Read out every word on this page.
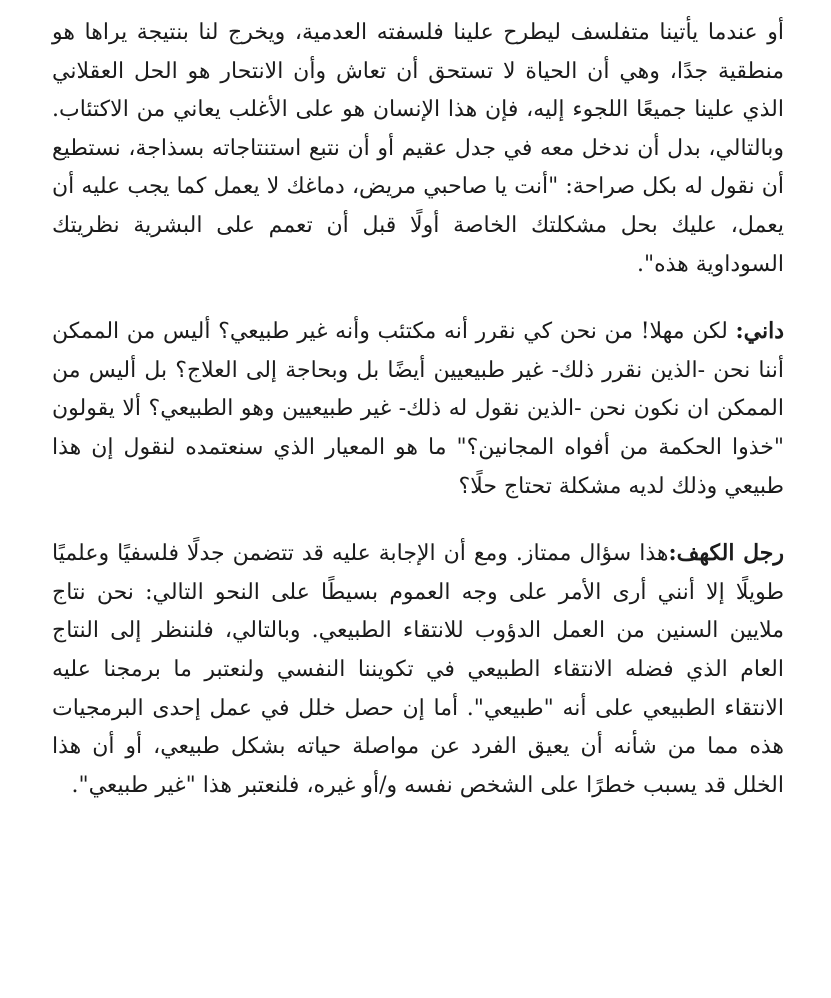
أو عندما يأتينا متفلسف ليطرح علينا فلسفته العدمية، ويخرج لنا بنتيجة يراها هو منطقية جدًا، وهي أن الحياة لا تستحق أن تعاش وأن الانتحار هو الحل العقلاني الذي علينا جميعًا اللجوء إليه، فإن هذا الإنسان هو على الأغلب يعاني من الاكتئاب. وبالتالي، بدل أن ندخل معه في جدل عقيم أو أن نتبع استنتاجاته بسذاجة، نستطيع أن نقول له بكل صراحة: "أنت يا صاحبي مريض، دماغك لا يعمل كما يجب عليه أن يعمل، عليك بحل مشكلتك الخاصة أولًا قبل أن تعمم على البشرية نظريتك السوداوية هذه".

داني: لكن مهلا! من نحن كي نقرر أنه مكتئب وأنه غير طبيعي؟ أليس من الممكن أننا نحن -الذين نقرر ذلك- غير طبيعيين أيضًا بل وبحاجة إلى العلاج؟ بل أليس من الممكن ان نكون نحن -الذين نقول له ذلك- غير طبيعيين وهو الطبيعي؟ ألا يقولون "خذوا الحكمة من أفواه المجانين؟" ما هو المعيار الذي سنعتمده لنقول إن هذا طبيعي وذلك لديه مشكلة تحتاج حلًا؟

رجل الكهف:هذا سؤال ممتاز. ومع أن الإجابة عليه قد تتضمن جدلًا فلسفيًا وعلميًا طويلًا إلا أنني أرى الأمر على وجه العموم بسيطًا على النحو التالي: نحن نتاج ملايين السنين من العمل الدؤوب للانتقاء الطبيعي. وبالتالي، فلننظر إلى النتاج العام الذي فضله الانتقاء الطبيعي في تكويننا النفسي ولنعتبر ما برمجنا عليه الانتقاء الطبيعي على أنه "طبيعي". أما إن حصل خلل في عمل إحدى البرمجيات هذه مما من شأنه أن يعيق الفرد عن مواصلة حياته بشكل طبيعي، أو أن هذا الخلل قد يسبب خطرًا على الشخص نفسه و/أو غيره، فلنعتبر هذا "غير طبيعي".
